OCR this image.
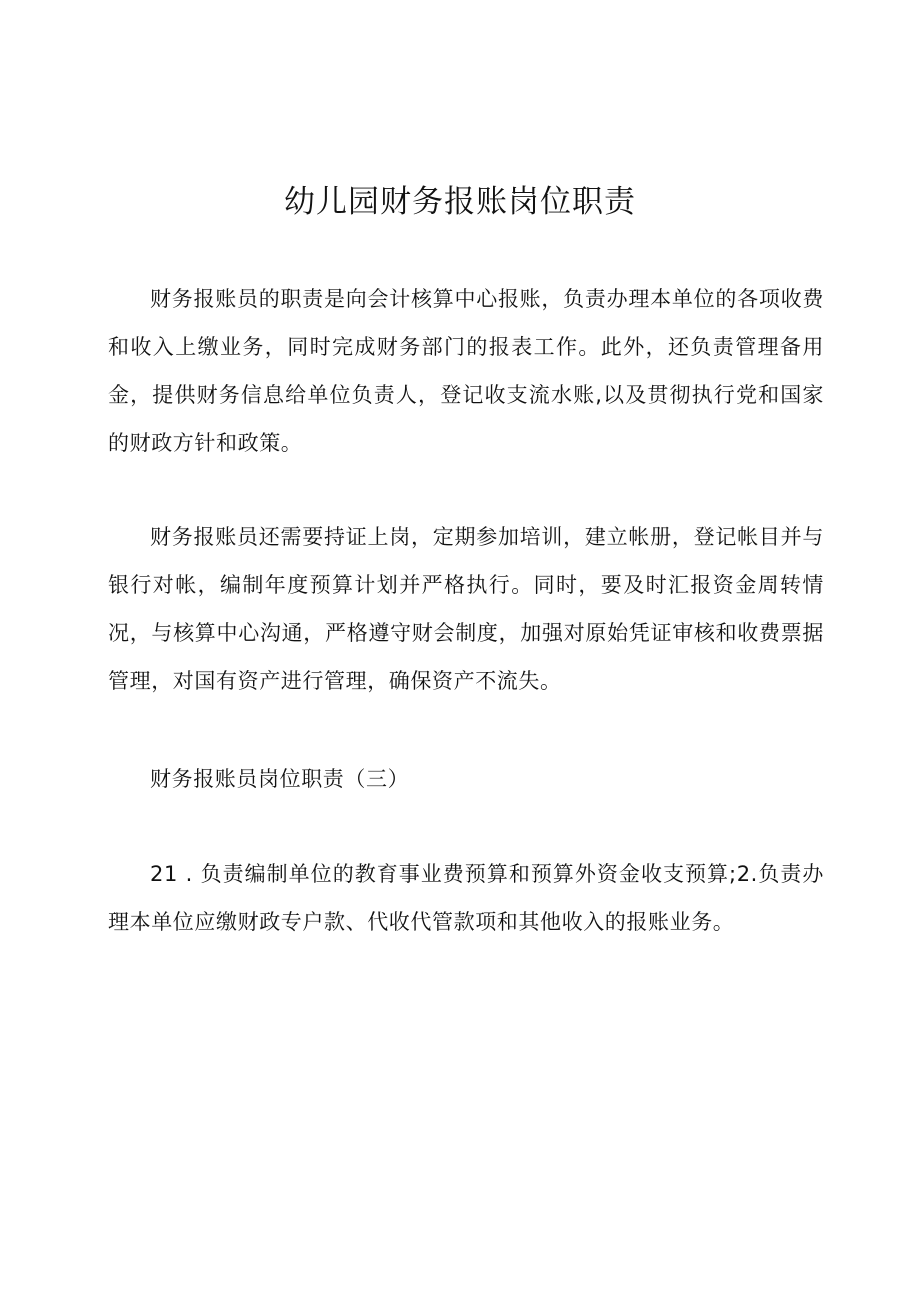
幼儿园财务报账岗位职责

财务报账员的职责是向会计核算中心报账，负责办理本单位的各项收费和收入上缴业务，同时完成财务部门的报表工作。此外，还负责管理备用金，提供财务信息给单位负责人，登记收支流水账,以及贯彻执行党和国家的财政方针和政策。

财务报账员还需要持证上岗，定期参加培训，建立帐册，登记帐目并与银行对帐，编制年度预算计划并严格执行。同时，要及时汇报资金周转情况，与核算中心沟通，严格遵守财会制度，加强对原始凭证审核和收费票据管理，对国有资产进行管理，确保资产不流失。

财务报账员岗位职责（三）

21 . 负责编制单位的教育事业费预算和预算外资金收支预算;2.负责办理本单位应缴财政专户款、代收代管款项和其他收入的报账业务。
